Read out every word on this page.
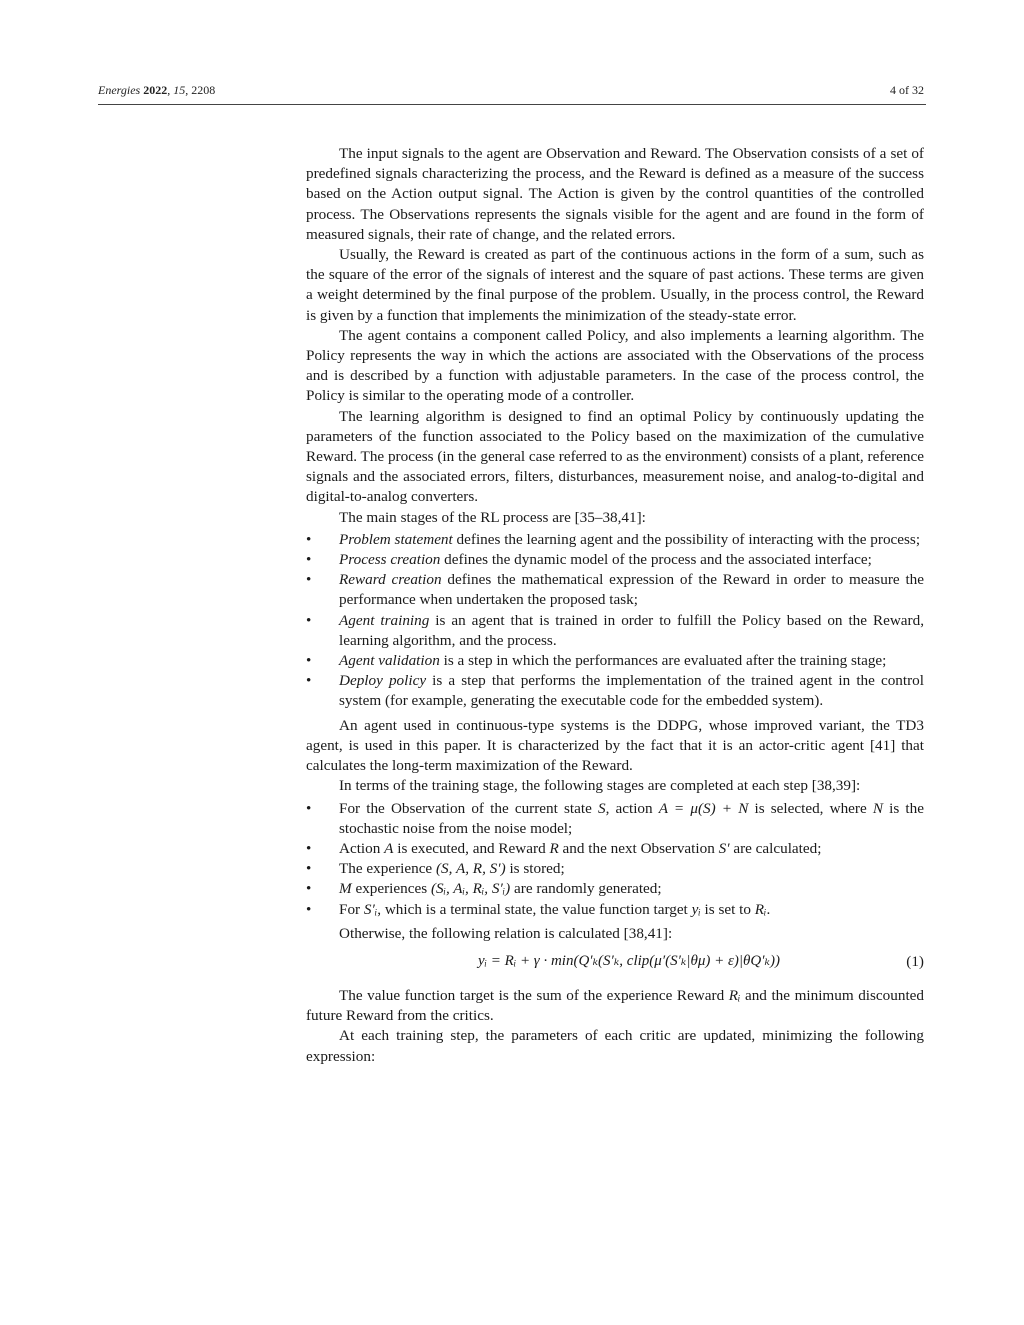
Energies 2022, 15, 2208	4 of 32

The input signals to the agent are Observation and Reward. The Observation consists of a set of predefined signals characterizing the process, and the Reward is defined as a measure of the success based on the Action output signal. The Action is given by the control quantities of the controlled process. The Observations represents the signals visible for the agent and are found in the form of measured signals, their rate of change, and the related errors.

Usually, the Reward is created as part of the continuous actions in the form of a sum, such as the square of the error of the signals of interest and the square of past actions. These terms are given a weight determined by the final purpose of the problem. Usually, in the process control, the Reward is given by a function that implements the minimization of the steady-state error.

The agent contains a component called Policy, and also implements a learning algorithm. The Policy represents the way in which the actions are associated with the Observations of the process and is described by a function with adjustable parameters. In the case of the process control, the Policy is similar to the operating mode of a controller.

The learning algorithm is designed to find an optimal Policy by continuously updating the parameters of the function associated to the Policy based on the maximization of the cumulative Reward. The process (in the general case referred to as the environment) consists of a plant, reference signals and the associated errors, filters, disturbances, measurement noise, and analog-to-digital and digital-to-analog converters.

The main stages of the RL process are [35–38,41]:

•	Problem statement defines the learning agent and the possibility of interacting with the process;
•	Process creation defines the dynamic model of the process and the associated interface;
•	Reward creation defines the mathematical expression of the Reward in order to measure the performance when undertaken the proposed task;
•	Agent training is an agent that is trained in order to fulfill the Policy based on the Reward, learning algorithm, and the process.
•	Agent validation is a step in which the performances are evaluated after the training stage;
•	Deploy policy is a step that performs the implementation of the trained agent in the control system (for example, generating the executable code for the embedded system).

An agent used in continuous-type systems is the DDPG, whose improved variant, the TD3 agent, is used in this paper. It is characterized by the fact that it is an actor-critic agent [41] that calculates the long-term maximization of the Reward.

In terms of the training stage, the following stages are completed at each step [38,39]:

•	For the Observation of the current state S, action A = μ(S) + N is selected, where N is the stochastic noise from the noise model;
•	Action A is executed, and Reward R and the next Observation S′ are calculated;
•	The experience (S, A, R, S′) is stored;
•	M experiences (Sᵢ, Aᵢ, Rᵢ, S′ᵢ) are randomly generated;
•	For S′ᵢ, which is a terminal state, the value function target yᵢ is set to Rᵢ.

Otherwise, the following relation is calculated [38,41]:

yᵢ = Rᵢ + γ · min(Q′ₖ(S′ₖ, clip(μ′(S′ₖ|θμ) + ε)|θQ′ₖ))	(1)

The value function target is the sum of the experience Reward Rᵢ and the minimum discounted future Reward from the critics.

At each training step, the parameters of each critic are updated, minimizing the following expression:
